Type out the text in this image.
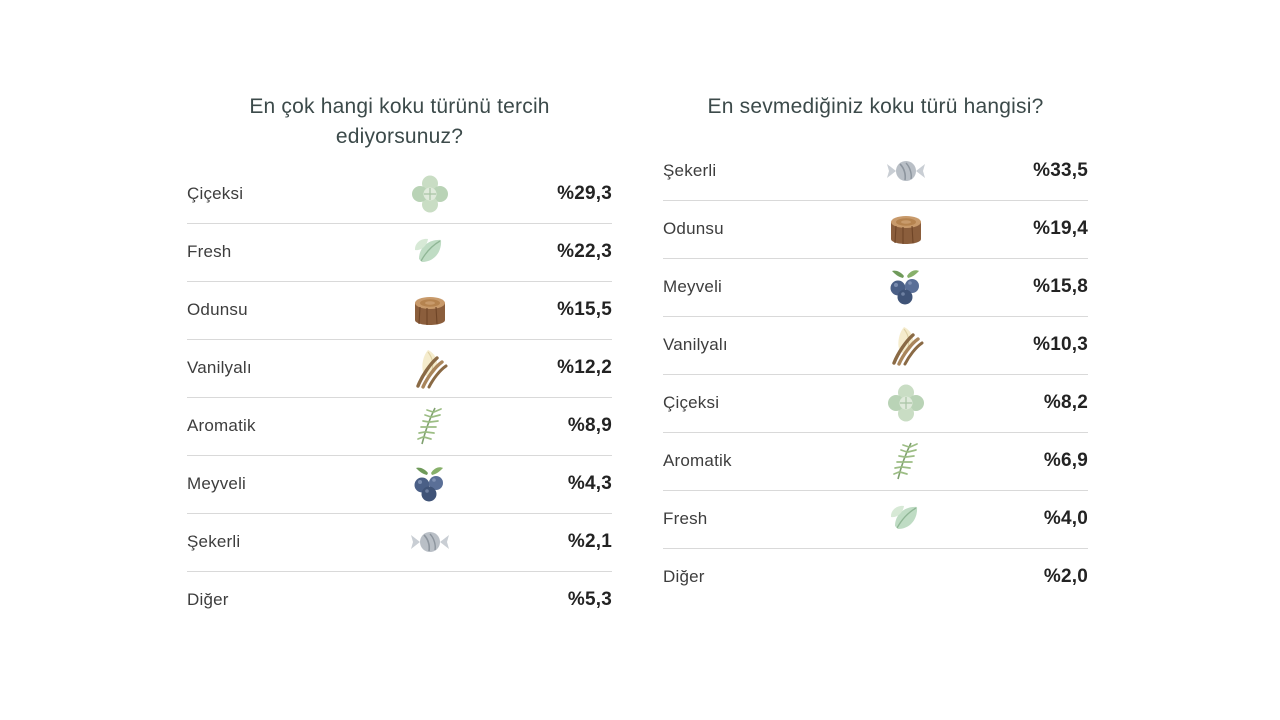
En çok hangi koku türünü tercih ediyorsunuz?
Çiçeksi	%29,3
Fresh	%22,3
Odunsu	%15,5
Vanilyalı	%12,2
Aromatik	%8,9
Meyveli	%4,3
Şekerli	%2,1
Diğer	%5,3
En sevmediğiniz koku türü hangisi?
Şekerli	%33,5
Odunsu	%19,4
Meyveli	%15,8
Vanilyalı	%10,3
Çiçeksi	%8,2
Aromatik	%6,9
Fresh	%4,0
Diğer	%2,0
